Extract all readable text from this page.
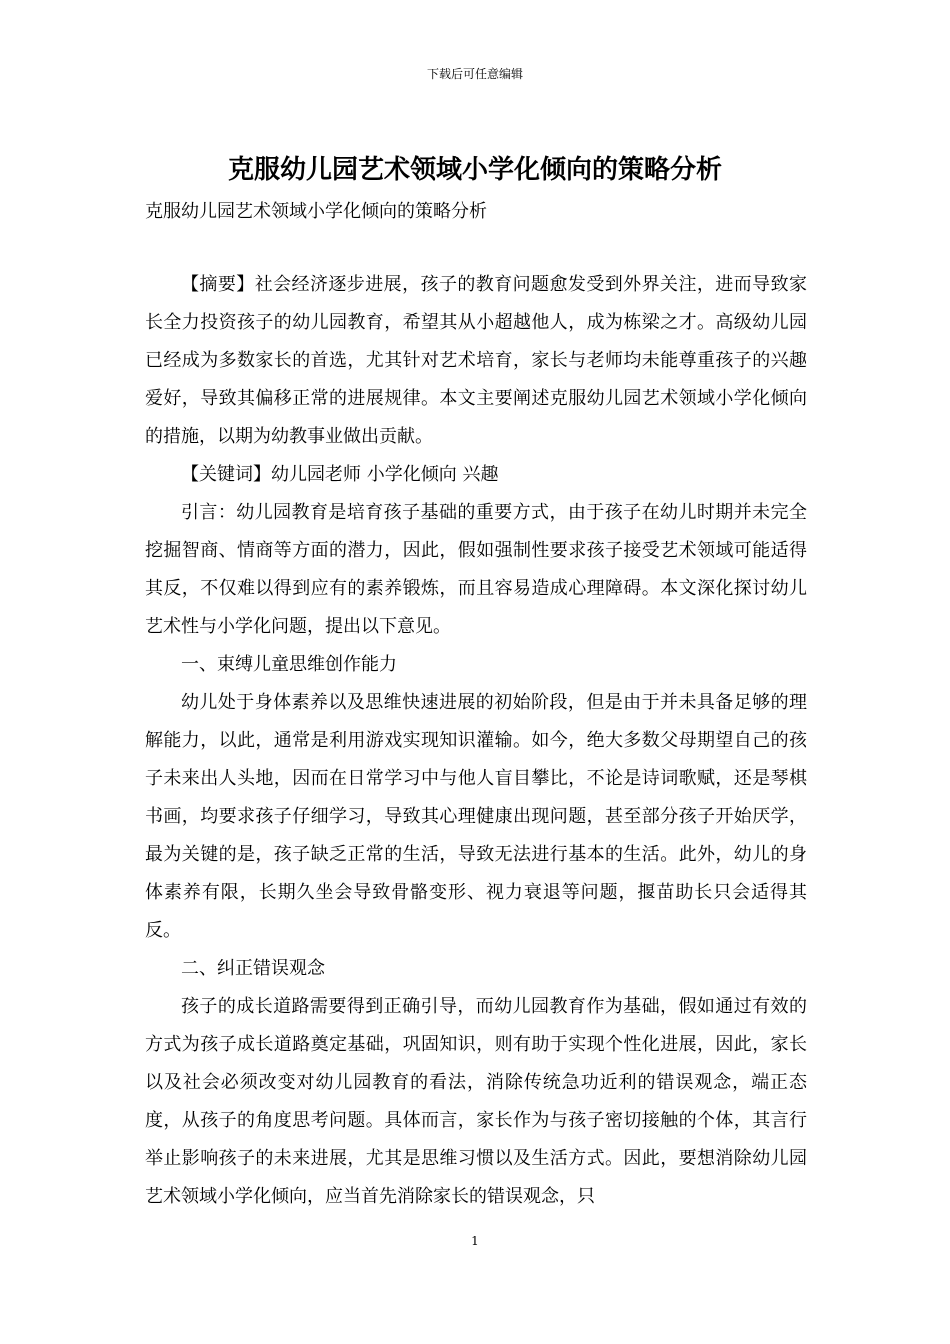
下载后可任意编辑
克服幼儿园艺术领域小学化倾向的策略分析
克服幼儿园艺术领域小学化倾向的策略分析

【摘要】社会经济逐步进展，孩子的教育问题愈发受到外界关注，进而导致家长全力投资孩子的幼儿园教育，希望其从小超越他人，成为栋梁之才。高级幼儿园已经成为多数家长的首选，尤其针对艺术培育，家长与老师均未能尊重孩子的兴趣爱好，导致其偏移正常的进展规律。本文主要阐述克服幼儿园艺术领域小学化倾向的措施，以期为幼教事业做出贡献。

【关键词】幼儿园老师 小学化倾向 兴趣

引言：幼儿园教育是培育孩子基础的重要方式，由于孩子在幼儿时期并未完全挖掘智商、情商等方面的潜力，因此，假如强制性要求孩子接受艺术领域可能适得其反，不仅难以得到应有的素养锻炼，而且容易造成心理障碍。本文深化探讨幼儿艺术性与小学化问题，提出以下意见。

一、束缚儿童思维创作能力

幼儿处于身体素养以及思维快速进展的初始阶段，但是由于并未具备足够的理解能力，以此，通常是利用游戏实现知识灌输。如今，绝大多数父母期望自己的孩子未来出人头地，因而在日常学习中与他人盲目攀比，不论是诗词歌赋，还是琴棋书画，均要求孩子仔细学习，导致其心理健康出现问题，甚至部分孩子开始厌学，最为关键的是，孩子缺乏正常的生活，导致无法进行基本的生活。此外，幼儿的身体素养有限，长期久坐会导致骨骼变形、视力衰退等问题，揠苗助长只会适得其反。

二、纠正错误观念

孩子的成长道路需要得到正确引导，而幼儿园教育作为基础，假如通过有效的方式为孩子成长道路奠定基础，巩固知识，则有助于实现个性化进展，因此，家长以及社会必须改变对幼儿园教育的看法，消除传统急功近利的错误观念，端正态度，从孩子的角度思考问题。具体而言，家长作为与孩子密切接触的个体，其言行举止影响孩子的未来进展，尤其是思维习惯以及生活方式。因此，要想消除幼儿园艺术领域小学化倾向，应当首先消除家长的错误观念，只

1
